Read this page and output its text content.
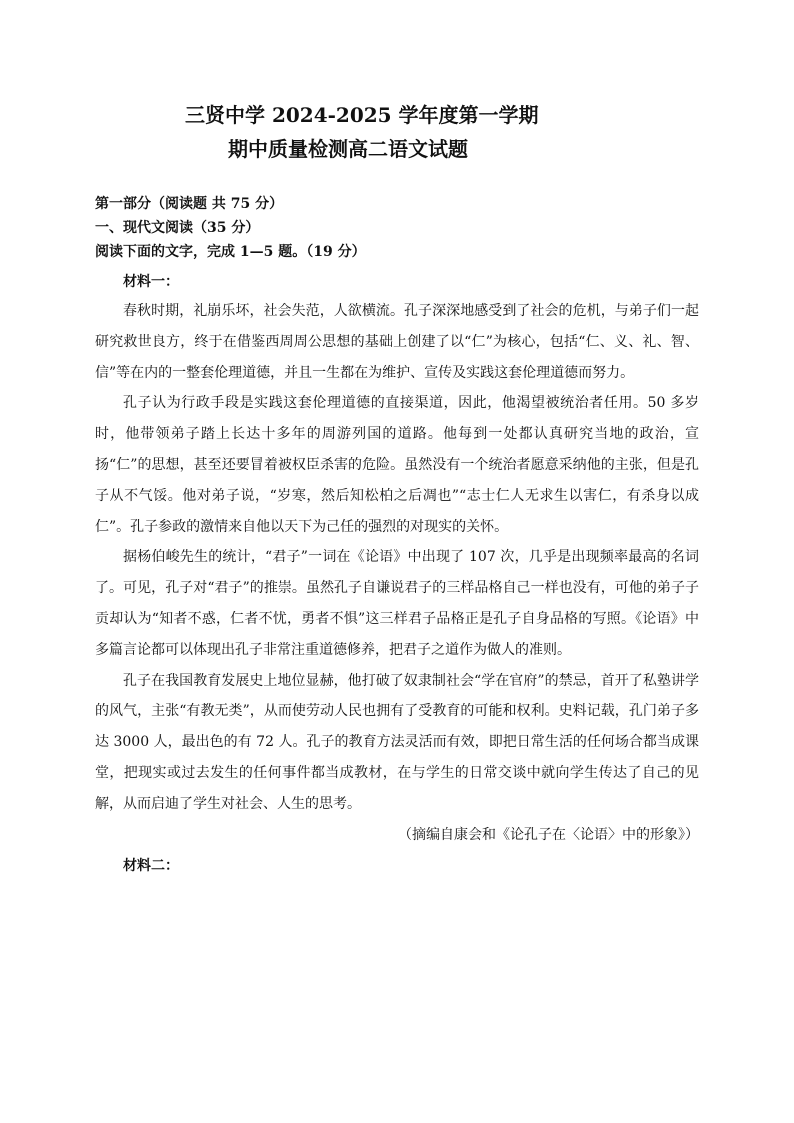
三贤中学 2024-2025 学年度第一学期

期中质量检测高二语文试题

第一部分（阅读题 共 75 分）

一、现代文阅读（35 分）

阅读下面的文字，完成 1—5 题。（19 分）

材料一：

春秋时期，礼崩乐坏，社会失范，人欲横流。孔子深深地感受到了社会的危机，与弟子们一起研究救世良方，终于在借鉴西周周公思想的基础上创建了以“仁”为核心，包括“仁、义、礼、智、信”等在内的一整套伦理道德，并且一生都在为维护、宣传及实践这套伦理道德而努力。

孔子认为行政手段是实践这套伦理道德的直接渠道，因此，他渴望被统治者任用。50 多岁时，他带领弟子踏上长达十多年的周游列国的道路。他每到一处都认真研究当地的政治，宣扬“仁”的思想，甚至还要冒着被权臣杀害的危险。虽然没有一个统治者愿意采纳他的主张，但是孔子从不气馁。他对弟子说，“岁寒，然后知松柏之后凋也”“志士仁人无求生以害仁，有杀身以成仁”。孔子参政的激情来自他以天下为己任的强烈的对现实的关怀。

据杨伯峻先生的统计，“君子”一词在《论语》中出现了 107 次，几乎是出现频率最高的名词了。可见，孔子对“君子”的推崇。虽然孔子自谦说君子的三样品格自己一样也没有，可他的弟子子贡却认为“知者不惑，仁者不忧，勇者不惧”这三样君子品格正是孔子自身品格的写照。《论语》中多篇言论都可以体现出孔子非常注重道德修养，把君子之道作为做人的准则。

孔子在我国教育发展史上地位显赫，他打破了奴隶制社会“学在官府”的禁忌，首开了私塾讲学的风气，主张“有教无类”，从而使劳动人民也拥有了受教育的可能和权利。史料记载，孔门弟子多达 3000 人，最出色的有 72 人。孔子的教育方法灵活而有效，即把日常生活的任何场合都当成课堂，把现实或过去发生的任何事件都当成教材，在与学生的日常交谈中就向学生传达了自己的见解，从而启迪了学生对社会、人生的思考。

（摘编自康会和《论孔子在〈论语〉中的形象》）

材料二：
